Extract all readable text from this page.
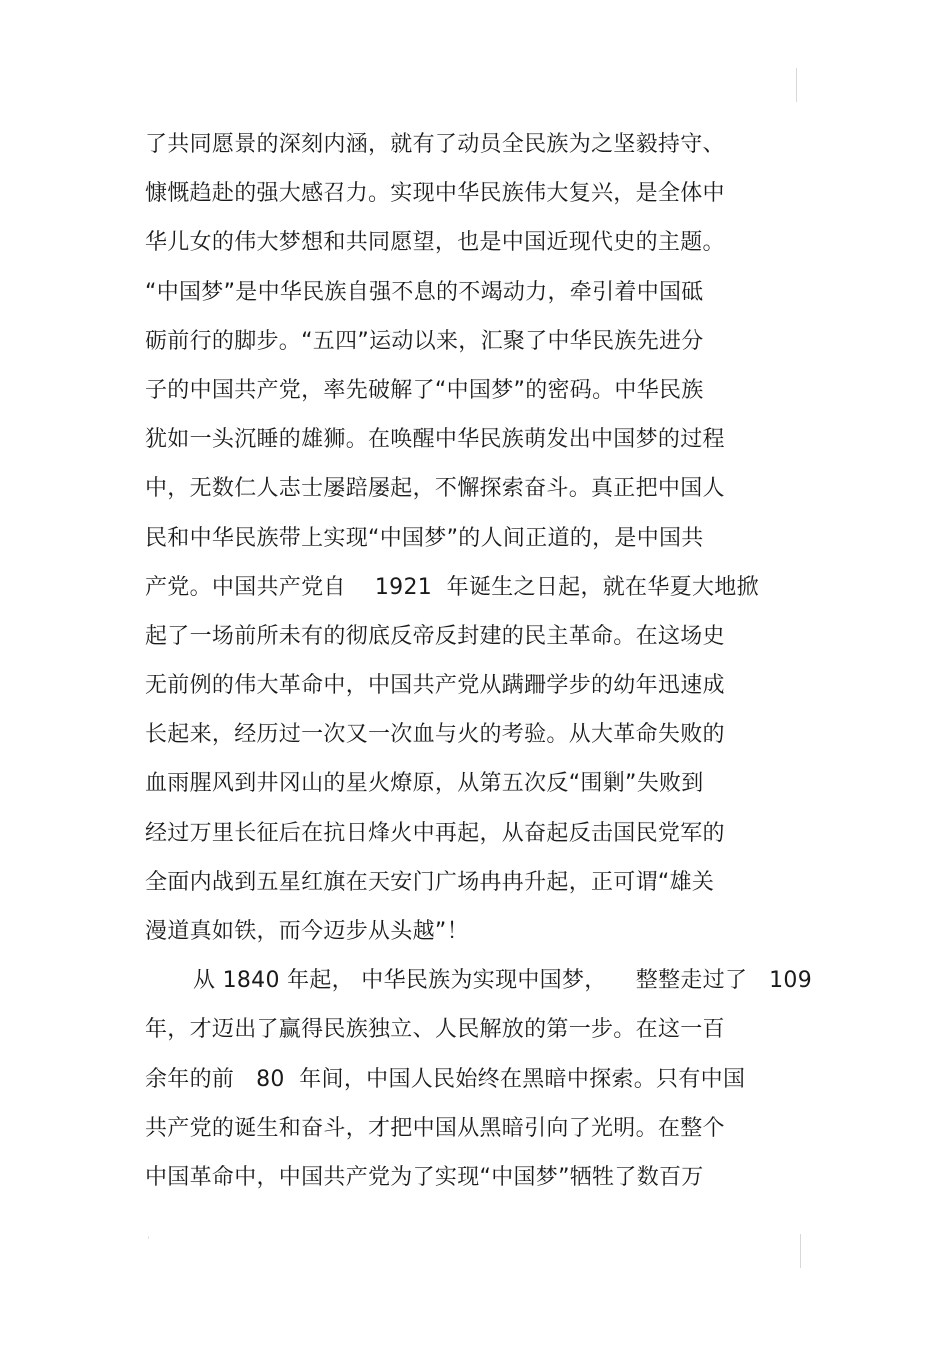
了共同愿景的深刻内涵，就有了动员全民族为之坚毅持守、
慷慨趋赴的强大感召力。实现中华民族伟大复兴，是全体中
华儿女的伟大梦想和共同愿望，也是中国近现代史的主题。
“中国梦”是中华民族自强不息的不竭动力，牵引着中国砥
砺前行的脚步。“五四”运动以来，汇聚了中华民族先进分
子的中国共产党，率先破解了“中国梦”的密码。中华民族
犹如一头沉睡的雄狮。在唤醒中华民族萌发出中国梦的过程
中，无数仁人志士屡踣屡起，不懈探索奋斗。真正把中国人
民和中华民族带上实现“中国梦”的人间正道的，是中国共
产党。中国共产党自    1921  年诞生之日起，就在华夏大地掀
起了一场前所未有的彻底反帝反封建的民主革命。在这场史
无前例的伟大革命中，中国共产党从蹒跚学步的幼年迅速成
长起来，经历过一次又一次血与火的考验。从大革命失败的
血雨腥风到井冈山的星火燎原，从第五次反“围剿”失败到
经过万里长征后在抗日烽火中再起，从奋起反击国民党军的
全面内战到五星红旗在天安门广场冉冉升起，正可谓“雄关
漫道真如铁，而今迈步从头越”！
从 1840 年起， 中华民族为实现中国梦，    整整走过了   109
年，才迈出了赢得民族独立、人民解放的第一步。在这一百
余年的前   80  年间，中国人民始终在黑暗中探索。只有中国
共产党的诞生和奋斗，才把中国从黑暗引向了光明。在整个
中国革命中，中国共产党为了实现“中国梦”牺牲了数百万
